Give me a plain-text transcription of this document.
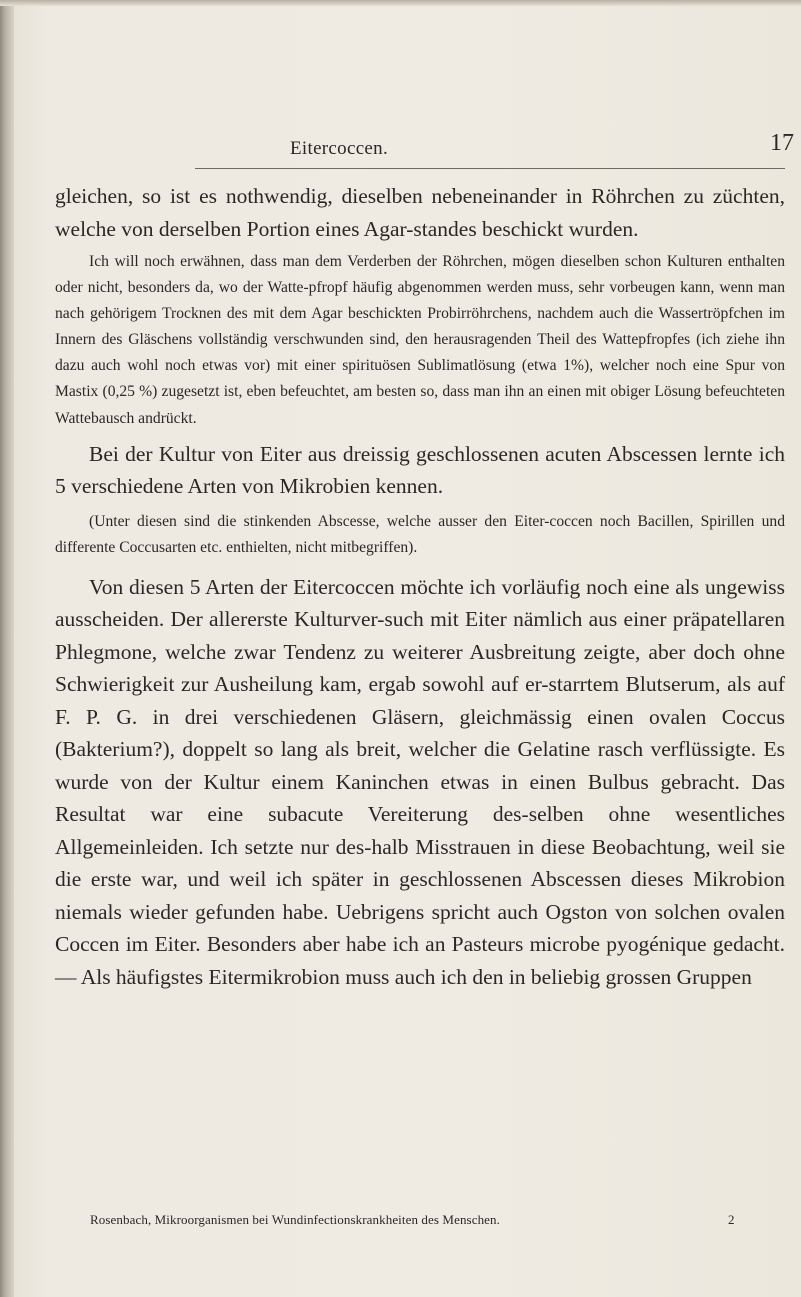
Eitercoccen.	17

gleichen, so ist es nothwendig, dieselben nebeneinander in Röhrchen zu züchten, welche von derselben Portion eines Agar-standes beschickt wurden.

Ich will noch erwähnen, dass man dem Verderben der Röhrchen, mögen dieselben schon Kulturen enthalten oder nicht, besonders da, wo der Watte-pfropf häufig abgenommen werden muss, sehr vorbeugen kann, wenn man nach gehörigem Trocknen des mit dem Agar beschickten Probirröhrchens, nachdem auch die Wassertröpfchen im Innern des Gläschens vollständig verschwunden sind, den herausragenden Theil des Wattepfropfes (ich ziehe ihn dazu auch wohl noch etwas vor) mit einer spirituösen Sublimatlösung (etwa 1%), welcher noch eine Spur von Mastix (0,25 %) zugesetzt ist, eben befeuchtet, am besten so, dass man ihn an einen mit obiger Lösung befeuchteten Wattebausch andrückt.

Bei der Kultur von Eiter aus dreissig geschlossenen acuten Abscessen lernte ich 5 verschiedene Arten von Mikrobien kennen.

(Unter diesen sind die stinkenden Abscesse, welche ausser den Eiter-coccen noch Bacillen, Spirillen und differente Coccusarten etc. enthielten, nicht mitbegriffen).

Von diesen 5 Arten der Eitercoccen möchte ich vorläufig noch eine als ungewiss ausscheiden. Der allererste Kulturver-such mit Eiter nämlich aus einer präpatellaren Phlegmone, welche zwar Tendenz zu weiterer Ausbreitung zeigte, aber doch ohne Schwierigkeit zur Ausheilung kam, ergab sowohl auf er-starrtem Blutserum, als auf F. P. G. in drei verschiedenen Gläsern, gleichmässig einen ovalen Coccus (Bakterium?), doppelt so lang als breit, welcher die Gelatine rasch verflüssigte. Es wurde von der Kultur einem Kaninchen etwas in einen Bulbus gebracht. Das Resultat war eine subacute Vereiterung des-selben ohne wesentliches Allgemeinleiden. Ich setzte nur des-halb Misstrauen in diese Beobachtung, weil sie die erste war, und weil ich später in geschlossenen Abscessen dieses Mikrobion niemals wieder gefunden habe. Uebrigens spricht auch Ogston von solchen ovalen Coccen im Eiter. Besonders aber habe ich an Pasteurs microbe pyogénique gedacht. — Als häufigstes Eitermikrobion muss auch ich den in beliebig grossen Gruppen

Rosenbach, Mikroorganismen bei Wundinfectionskrankheiten des Menschen.	2
